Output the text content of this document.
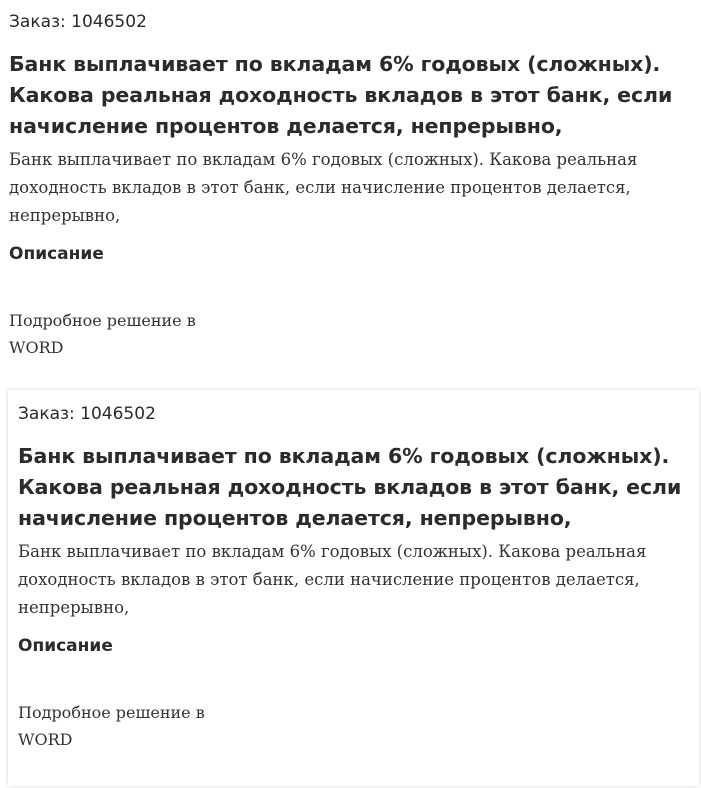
Заказ: 1046502

Банк выплачивает по вкладам 6% годовых (сложных). Какова реальная доходность вкладов в этот банк, если начисление процентов делается, непрерывно,

Банк выплачивает по вкладам 6% годовых (сложных). Какова реальная доходность вкладов в этот банк, если начисление процентов делается, непрерывно,

Описание

Подробное решение в WORD

Заказ: 1046502

Банк выплачивает по вкладам 6% годовых (сложных). Какова реальная доходность вкладов в этот банк, если начисление процентов делается, непрерывно,

Банк выплачивает по вкладам 6% годовых (сложных). Какова реальная доходность вкладов в этот банк, если начисление процентов делается, непрерывно,

Описание

Подробное решение в WORD
